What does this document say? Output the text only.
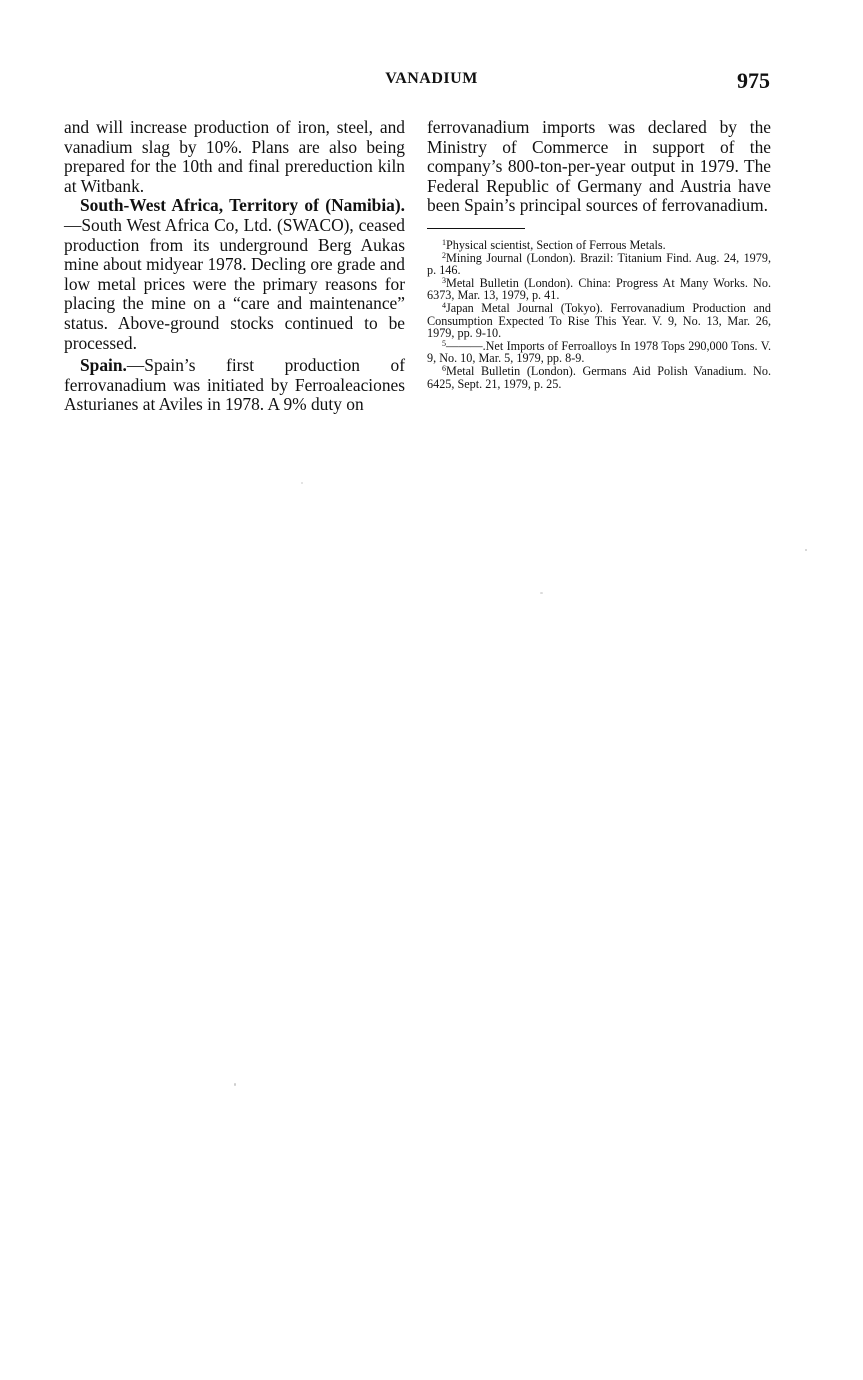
VANADIUM	975

and will increase production of iron, steel, and vanadium slag by 10%. Plans are also being prepared for the 10th and final prereduction kiln at Witbank.

South-West Africa, Territory of (Namibia).—South West Africa Co, Ltd. (SWACO), ceased production from its underground Berg Aukas mine about midyear 1978. Decling ore grade and low metal prices were the primary reasons for placing the mine on a “care and maintenance” status. Above-ground stocks continued to be processed.

Spain.—Spain’s first production of ferrovanadium was initiated by Ferroaleaciones Asturianes at Aviles in 1978. A 9% duty on

ferrovanadium imports was declared by the Ministry of Commerce in support of the company’s 800-ton-per-year output in 1979. The Federal Republic of Germany and Austria have been Spain’s principal sources of ferrovanadium.

$^1$Physical scientist, Section of Ferrous Metals.

$^2$Mining Journal (London). Brazil: Titanium Find. Aug. 24, 1979, p. 146.

$^3$Metal Bulletin (London). China: Progress At Many Works. No. 6373, Mar. 13, 1979, p. 41.

$^4$Japan Metal Journal (Tokyo). Ferrovanadium Production and Consumption Expected To Rise This Year. V. 9, No. 13, Mar. 26, 1979, pp. 9-10.

$^5$———.Net Imports of Ferroalloys In 1978 Tops 290,000 Tons. V. 9, No. 10, Mar. 5, 1979, pp. 8-9.

$^6$Metal Bulletin (London). Germans Aid Polish Vanadium. No. 6425, Sept. 21, 1979, p. 25.
